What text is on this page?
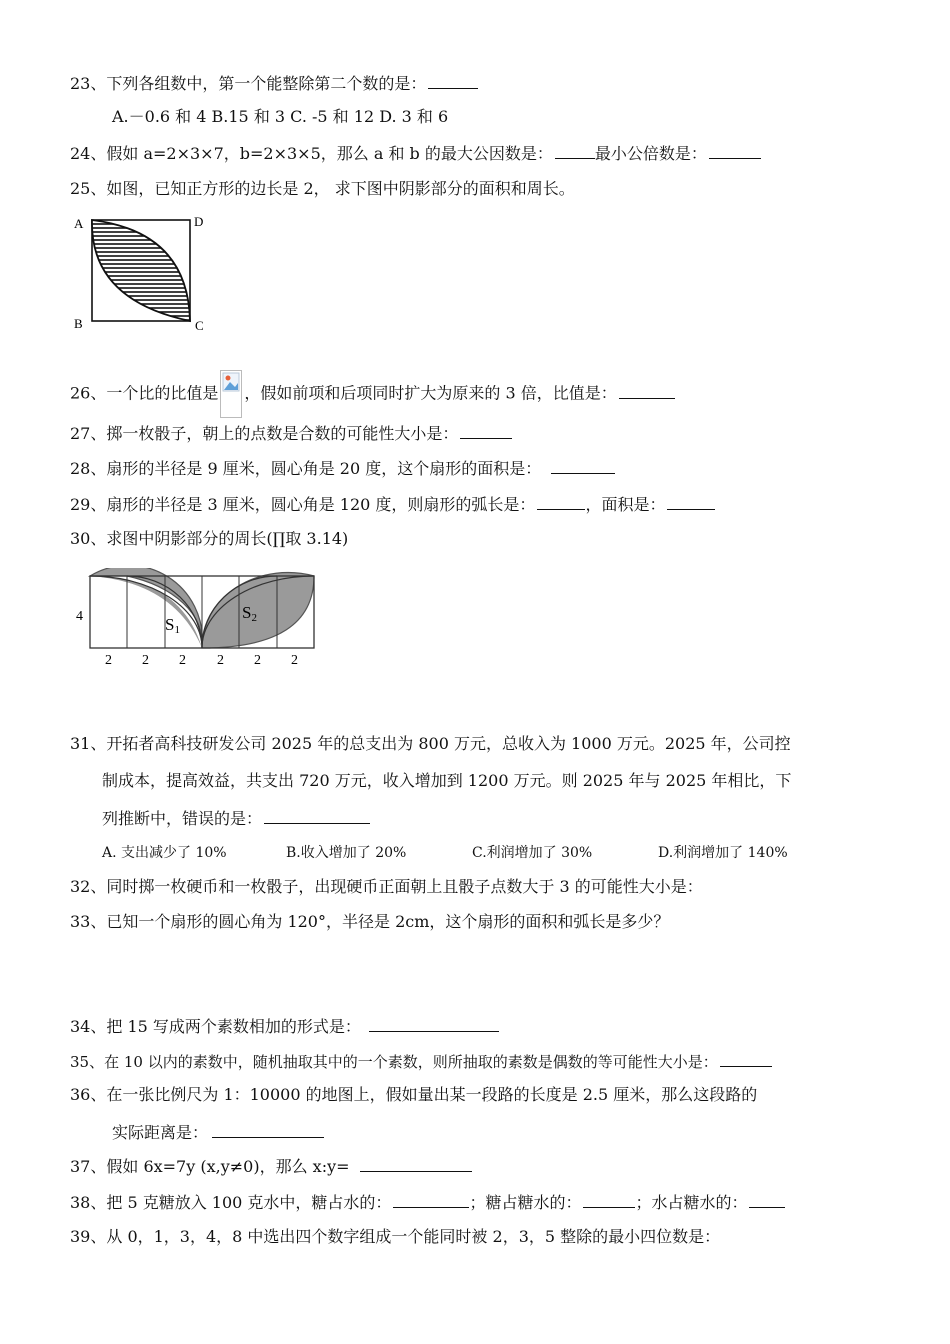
23、下列各组数中，第一个能整除第二个数的是：
A.－0.6 和 4 B.15 和 3 C. -5 和 12 D. 3 和 6
24、假如 a=2×3×7，b=2×3×5，那么 a 和 b 的最大公因数是：	最小公倍数是：
25、如图，已知正方形的边长是 2， 求下图中阴影部分的面积和周长。
A	D
B	C
26、一个比的比值是 ，假如前项和后项同时扩大为原来的 3 倍，比值是：
27、掷一枚骰子，朝上的点数是合数的可能性大小是：
28、扇形的半径是 9 厘米，圆心角是 20 度，这个扇形的面积是：
29、扇形的半径是 3 厘米，圆心角是 120 度，则扇形的弧长是：	，面积是：
30、求图中阴影部分的周长(∏取 3.14)
4	S1
S2
2 2 2 2 2 2
31、开拓者高科技研发公司 2025 年的总支出为 800 万元，总收入为 1000 万元。2025 年，公司控
制成本，提高效益，共支出 720 万元，收入增加到 1200 万元。则 2025 年与 2025 年相比，下
列推断中，错误的是：
A. 支出减少了 10%	B.收入增加了 20%	C.利润增加了 30%	D.利润增加了 140%
32、同时掷一枚硬币和一枚骰子，出现硬币正面朝上且骰子点数大于 3 的可能性大小是：
33、已知一个扇形的圆心角为 120°，半径是 2cm，这个扇形的面积和弧长是多少？
34、把 15 写成两个素数相加的形式是：
35、在 10 以内的素数中，随机抽取其中的一个素数，则所抽取的素数是偶数的等可能性大小是：
36、在一张比例尺为 1：10000 的地图上，假如量出某一段路的长度是 2.5 厘米，那么这段路的
实际距离是：
37、假如 6x=7y (x,y≠0)，那么 x:y=
38、把 5 克糖放入 100 克水中，糖占水的：	；糖占糖水的：	；水占糖水的：
39、从 0，1，3，4，8 中选出四个数字组成一个能同时被 2，3，5 整除的最小四位数是：
